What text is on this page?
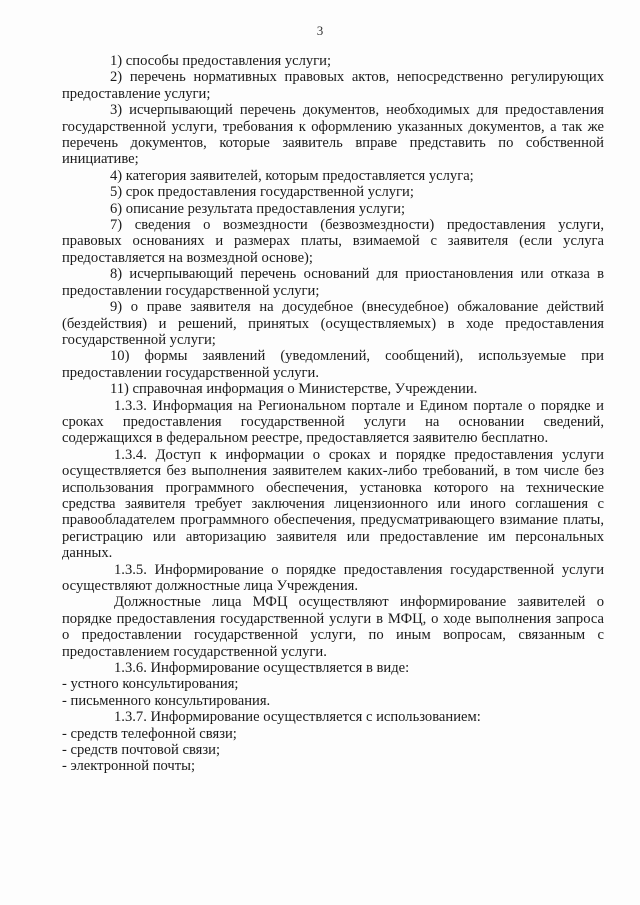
3

1) способы предоставления услуги;

2) перечень нормативных правовых актов, непосредственно регулирующих предоставление услуги;

3) исчерпывающий перечень документов, необходимых для предоставления государственной услуги, требования к оформлению указанных документов, а так же перечень документов, которые заявитель вправе представить по собственной инициативе;

4) категория заявителей, которым предоставляется услуга;

5) срок предоставления государственной услуги;

6) описание результата предоставления услуги;

7) сведения о возмездности (безвозмездности) предоставления услуги, правовых основаниях и размерах платы, взимаемой с заявителя (если услуга предоставляется на возмездной основе);

8) исчерпывающий перечень оснований для приостановления или отказа в предоставлении государственной услуги;

9) о праве заявителя на досудебное (внесудебное) обжалование действий (бездействия) и решений, принятых (осуществляемых) в ходе предоставления государственной услуги;

10) формы заявлений (уведомлений, сообщений), используемые при предоставлении государственной услуги.

11) справочная информация о Министерстве, Учреждении.

1.3.3. Информация на Региональном портале и Едином портале о порядке и сроках предоставления государственной услуги на основании сведений, содержащихся в федеральном реестре, предоставляется заявителю бесплатно.

1.3.4. Доступ к информации о сроках и порядке предоставления услуги осуществляется без выполнения заявителем каких-либо требований, в том числе без использования программного обеспечения, установка которого на технические средства заявителя требует заключения лицензионного или иного соглашения с правообладателем программного обеспечения, предусматривающего взимание платы, регистрацию или авторизацию заявителя или предоставление им персональных данных.

1.3.5. Информирование о порядке предоставления государственной услуги осуществляют должностные лица Учреждения.

Должностные лица МФЦ осуществляют информирование заявителей о порядке предоставления государственной услуги в МФЦ, о ходе выполнения запроса о предоставлении государственной услуги, по иным вопросам, связанным с предоставлением государственной услуги.

1.3.6. Информирование осуществляется в виде:

- устного консультирования;

- письменного консультирования.

1.3.7. Информирование осуществляется с использованием:

- средств телефонной связи;

- средств почтовой связи;

- электронной почты;
